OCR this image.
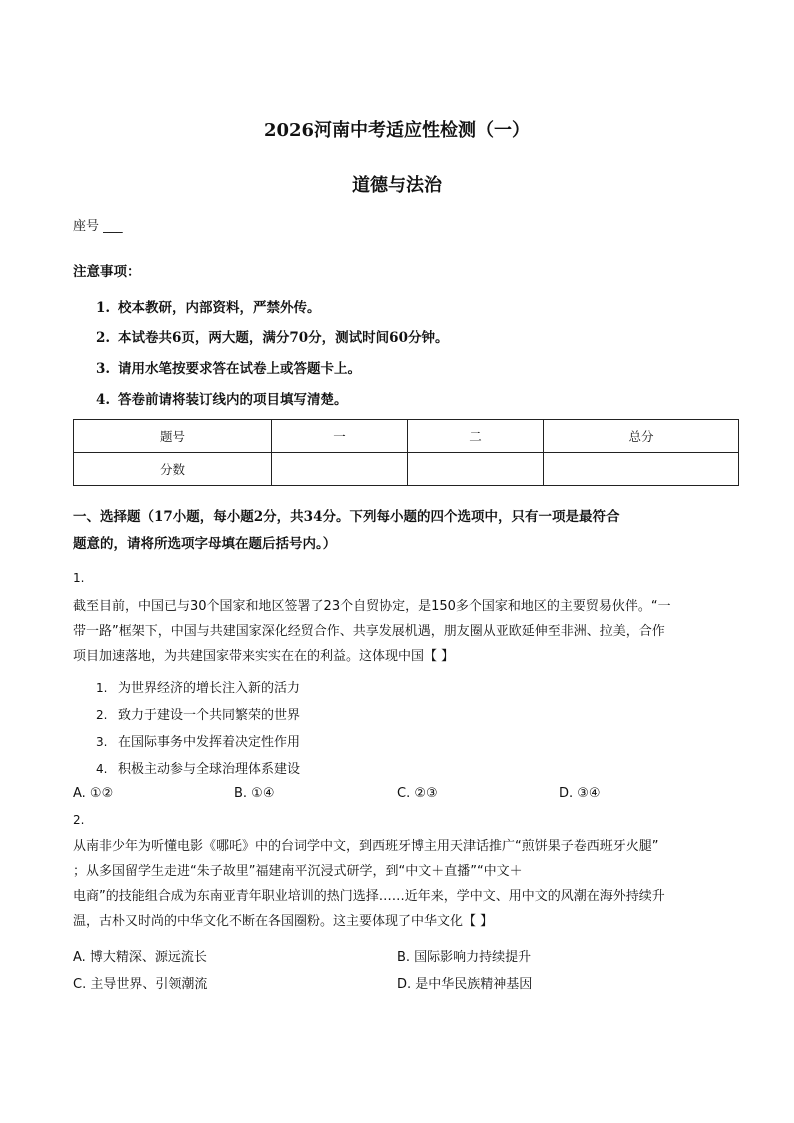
2026河南中考适应性检测（一）
道德与法治
座号 ___
注意事项：
1. 校本教研，内部资料，严禁外传。
2. 本试卷共6页，两大题，满分70分，测试时间60分钟。
3. 请用水笔按要求答在试卷上或答题卡上。
4. 答卷前请将装订线内的项目填写清楚。
题号	一	二	总分
分数			
一、选择题（17小题，每小题2分，共34分。下列每小题的四个选项中，只有一项是最符合
题意的，请将所选项字母填在题后括号内。）
1.
截至目前，中国已与30个国家和地区签署了23个自贸协定，是150多个国家和地区的主要贸易伙伴。“一
带一路”框架下，中国与共建国家深化经贸合作、共享发展机遇，朋友圈从亚欧延伸至非洲、拉美，合作
项目加速落地，为共建国家带来实实在在的利益。这体现中国【 】
1. 为世界经济的增长注入新的活力
2. 致力于建设一个共同繁荣的世界
3. 在国际事务中发挥着决定性作用
4. 积极主动参与全球治理体系建设
A. ①②	B. ①④	C. ②③	D. ③④
2.
从南非少年为听懂电影《哪吒》中的台词学中文，到西班牙博主用天津话推广“煎饼果子卷西班牙火腿”
；从多国留学生走进“朱子故里”福建南平沉浸式研学，到“中文＋直播”“中文＋
电商”的技能组合成为东南亚青年职业培训的热门选择……近年来，学中文、用中文的风潮在海外持续升
温，古朴又时尚的中华文化不断在各国圈粉。这主要体现了中华文化【 】
A. 博大精深、源远流长	B. 国际影响力持续提升
C. 主导世界、引领潮流	D. 是中华民族精神基因
